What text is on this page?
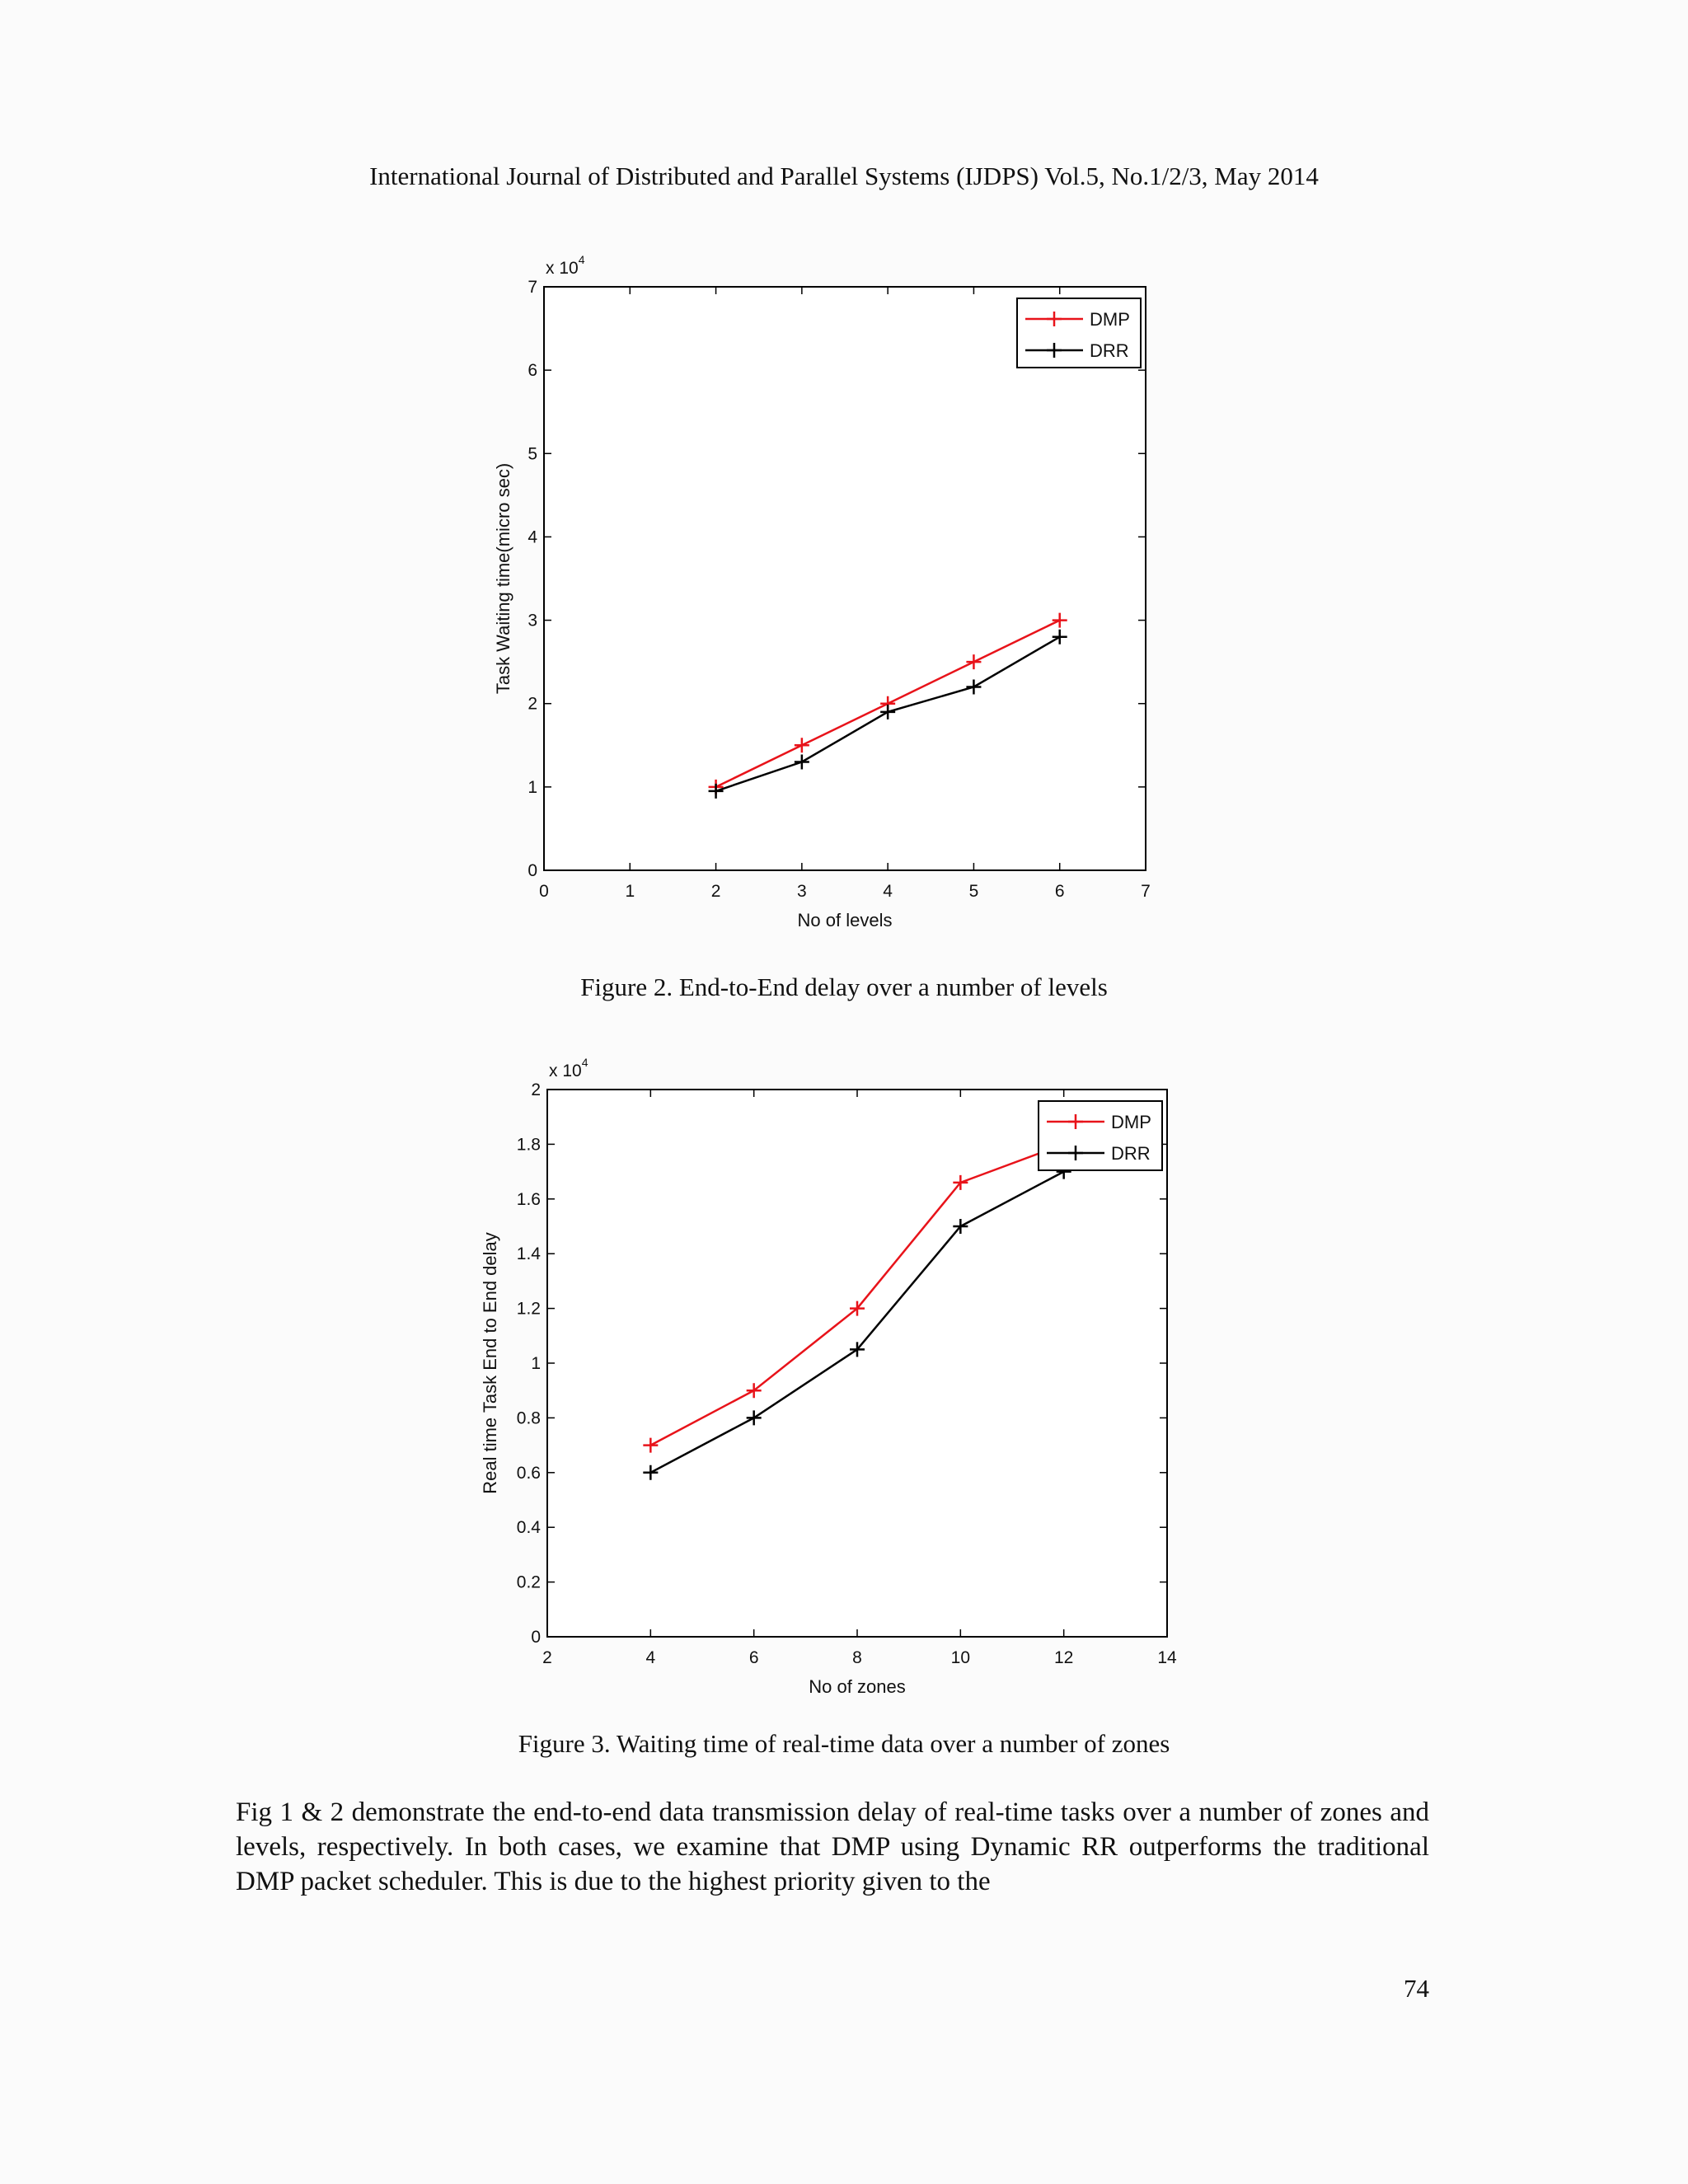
International Journal of Distributed and Parallel Systems (IJDPS) Vol.5, No.1/2/3, May 2014
0	1	2	3	4	5	6	7
0
1
2
3
4
5
6
7
x $10^4$
No of levels
Task Waiting time(micro sec)
DMP
DRR
Figure 2. End-to-End delay over a number of levels
2	4	6	8	10	12	14
0
0.2
0.4
0.6
0.8
1
1.2
1.4
1.6
1.8
2
x $10^4$
No of zones
Real time Task End to End delay
DMP
DRR
Figure 3. Waiting time of real-time data over a number of zones
Fig 1 & 2 demonstrate the end-to-end data transmission delay of real-time tasks over a number of zones and levels, respectively. In both cases, we examine that DMP using Dynamic RR outperforms the traditional DMP packet scheduler. This is due to the highest priority given to the
74
